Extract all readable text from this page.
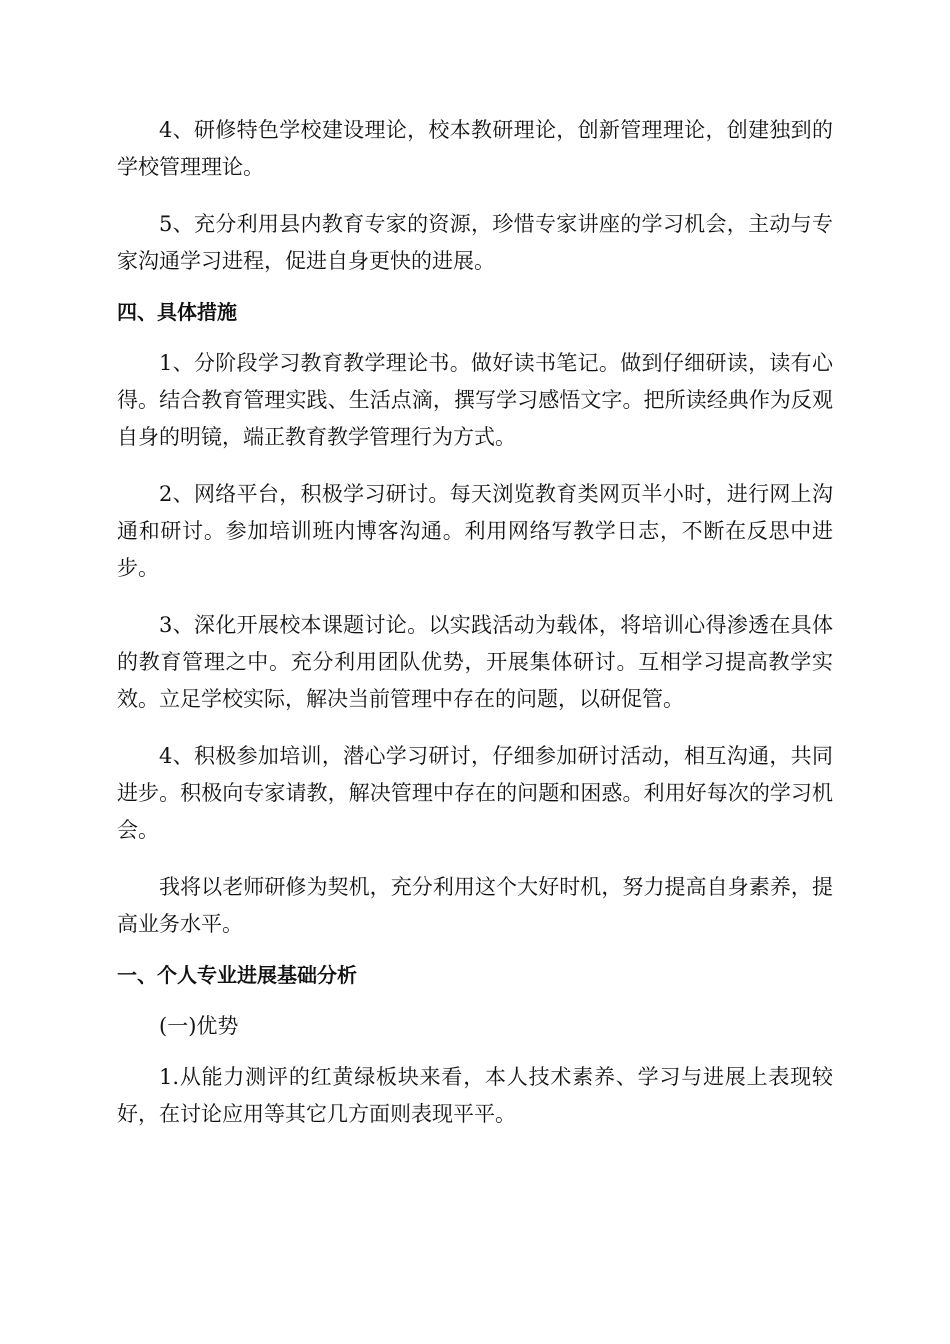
4、研修特色学校建设理论，校本教研理论，创新管理理论，创建独到的学校管理理论。

5、充分利用县内教育专家的资源，珍惜专家讲座的学习机会，主动与专家沟通学习进程，促进自身更快的进展。

四、具体措施

1、分阶段学习教育教学理论书。做好读书笔记。做到仔细研读，读有心得。结合教育管理实践、生活点滴，撰写学习感悟文字。把所读经典作为反观自身的明镜，端正教育教学管理行为方式。

2、网络平台，积极学习研讨。每天浏览教育类网页半小时，进行网上沟通和研讨。参加培训班内博客沟通。利用网络写教学日志，不断在反思中进步。

3、深化开展校本课题讨论。以实践活动为载体，将培训心得渗透在具体的教育管理之中。充分利用团队优势，开展集体研讨。互相学习提高教学实效。立足学校实际，解决当前管理中存在的问题，以研促管。

4、积极参加培训，潜心学习研讨，仔细参加研讨活动，相互沟通，共同进步。积极向专家请教，解决管理中存在的问题和困惑。利用好每次的学习机会。

我将以老师研修为契机，充分利用这个大好时机，努力提高自身素养，提高业务水平。

一、个人专业进展基础分析

(一)优势

1.从能力测评的红黄绿板块来看，本人技术素养、学习与进展上表现较好，在讨论应用等其它几方面则表现平平。
